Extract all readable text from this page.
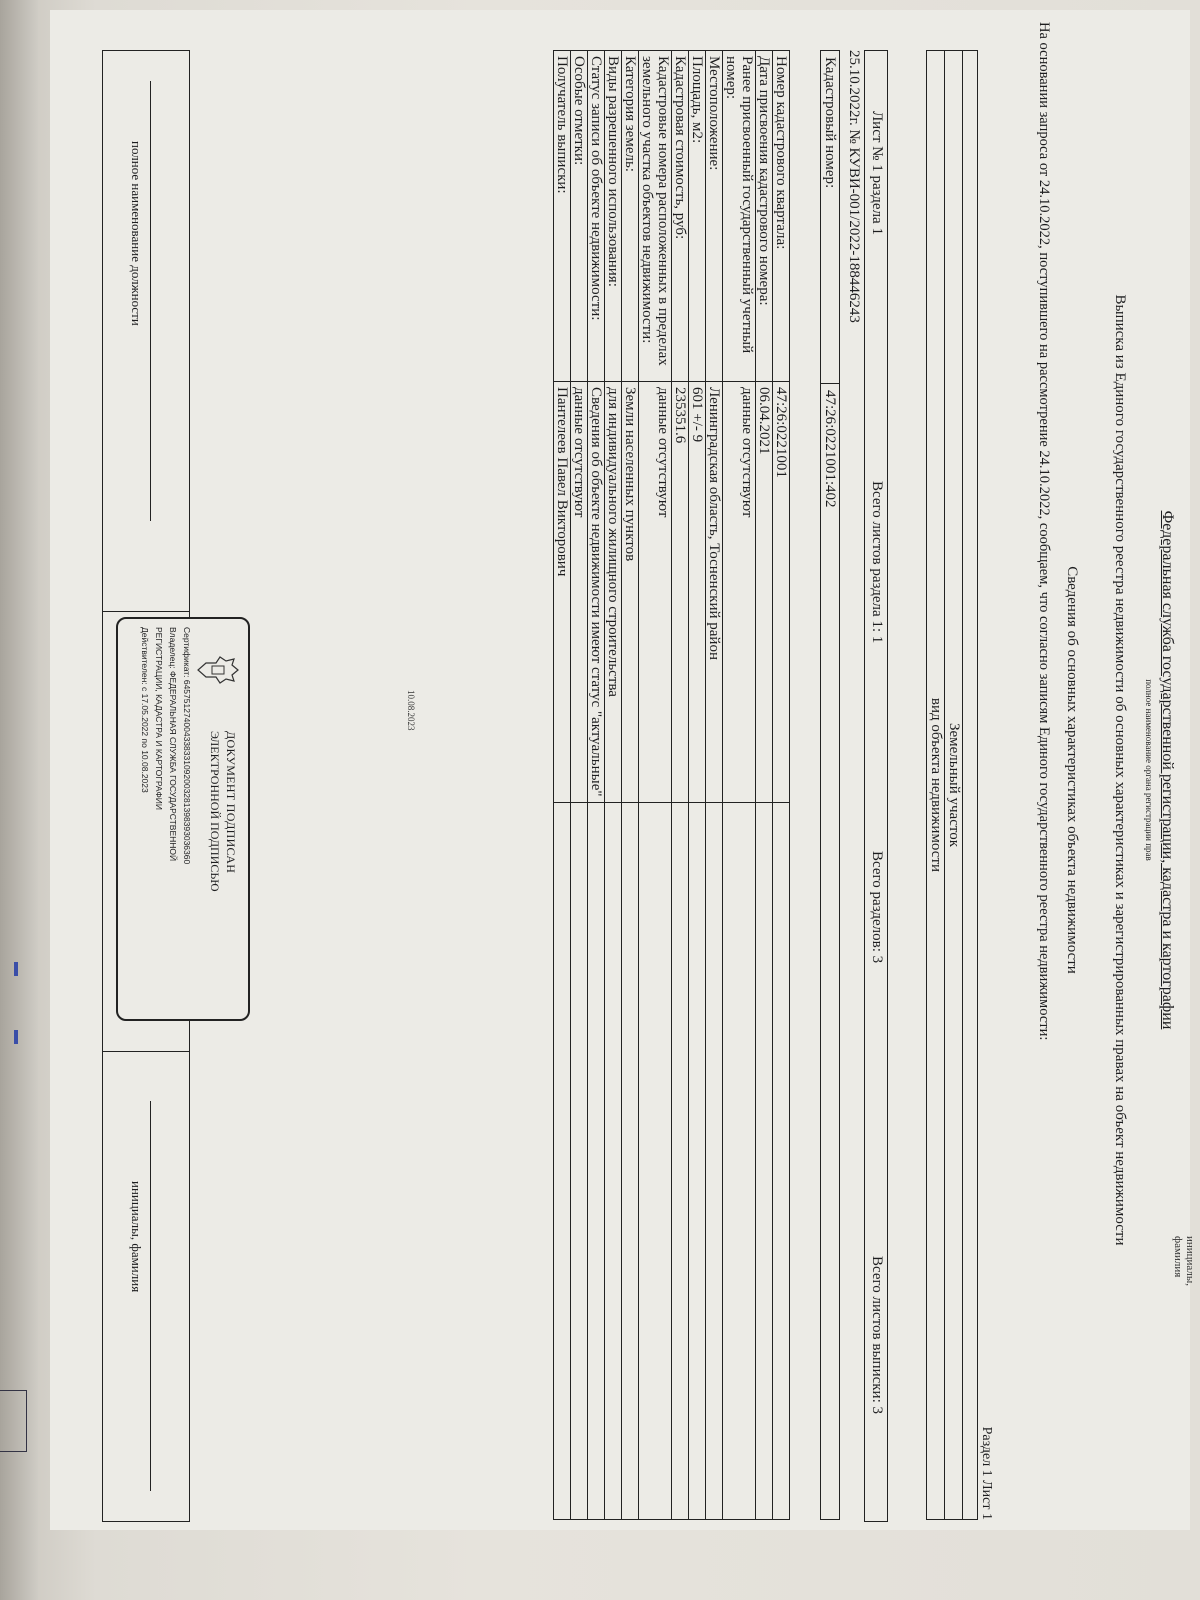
Федеральная служба государственной регистрации, кадастра и картографии
полное наименование органа регистрации прав
Выписка из Единого государственного реестра недвижимости об основных характеристиках и зарегистрированных правах на объект недвижимости
Сведения об основных характеристиках объекта недвижимости
На основании запроса от 24.10.2022, поступившего на рассмотрение 24.10.2022, сообщаем, что согласно записям Единого государственного реестра недвижимости:
Раздел 1 Лист 1

Земельный участок
вид объекта недвижимости
Лист № 1 раздела 1
Всего листов раздела 1: 1
Всего разделов: 3
Всего листов выписки: 3
25.10.2022г. № КУВИ-001/2022-188446243
Кадастровый номер:	47:26:0221001:402
Номер кадастрового квартала:	47:26:0221001	
Дата присвоения кадастрового номера:	06.04.2021	
Ранее присвоенный государственный учетный номер:	данные отсутствуют	
Местоположение:	Ленинградская область, Тосненский район	
Площадь, м2:	601 +/- 9	
Кадастровая стоимость, руб:	235351.6	
Кадастровые номера расположенных в пределах земельного участка объектов недвижимости:	данные отсутствуют	
Категория земель:	Земли населенных пунктов	
Виды разрешенного использования:	для индивидуального жилищного строительства	
Статус записи об объекте недвижимости:	Сведения об объекте недвижимости имеют статус "актуальные"	
Особые отметки:	данные отсутствуют	
Получатель выписки:	Пантелеев Павел Викторович	
полное наименование должности
инициалы, фамилия
ДОКУМЕНТ ПОДПИСАН
ЭЛЕКТРОННОЙ ПОДПИСЬЮ
Сертификат: 645751274004338331092003281398393036360
Владелец: ФЕДЕРАЛЬНАЯ СЛУЖБА ГОСУДАРСТВЕННОЙ
РЕГИСТРАЦИИ, КАДАСТРА И КАРТОГРАФИИ
Действителен: с 17.05.2022 по 10.08.2023
инициалы, фамилия
10.08.2023
